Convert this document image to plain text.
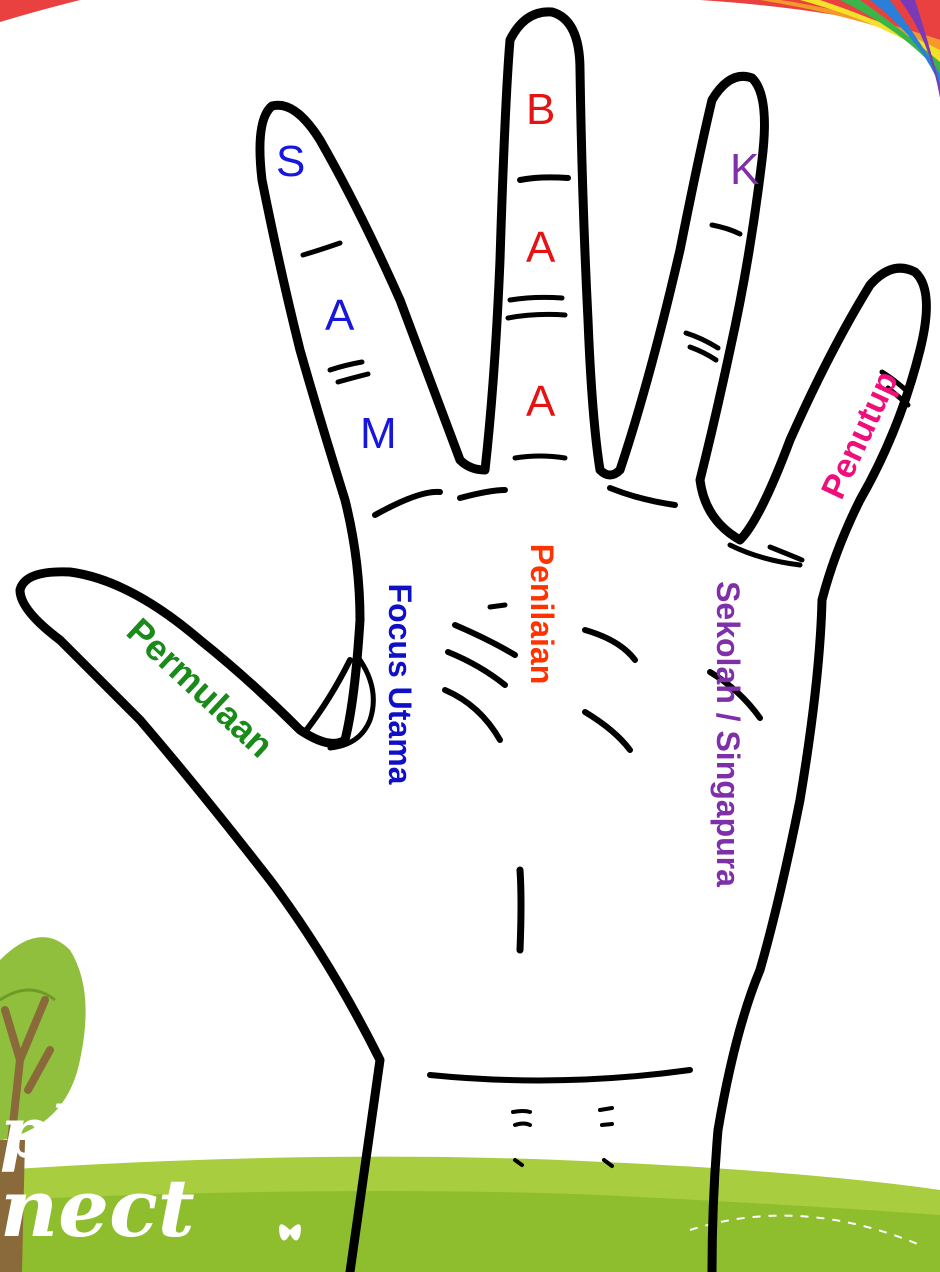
S
A
M
B
A
A
K
Permulaan	Focus Utama	Penilaian	Sekolah / Singapura
Penutup
plore
nect
